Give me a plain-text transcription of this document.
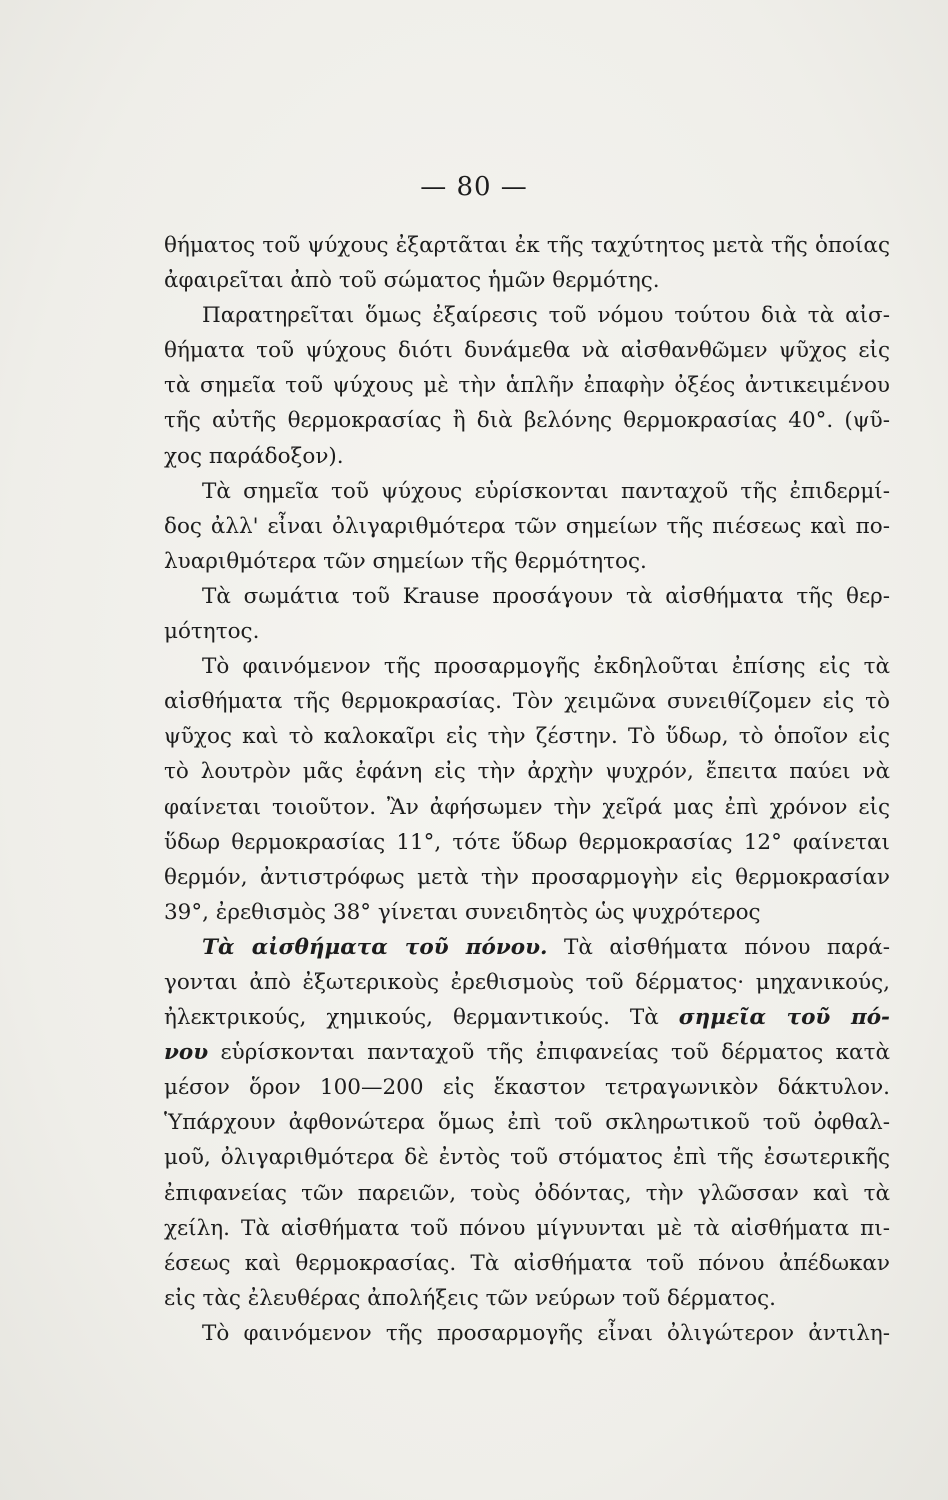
— 80 —
θήματος τοῦ ψύχους ἐξαρτᾶται ἐκ τῆς ταχύτητος μετὰ τῆς ὁποίας
ἀφαιρεῖται ἀπὸ τοῦ σώματος ἡμῶν θερμότης.
Παρατηρεῖται ὅμως ἐξαίρεσις τοῦ νόμου τούτου διὰ τὰ αἰσ-
θήματα τοῦ ψύχους διότι δυνάμεθα νὰ αἰσθανθῶμεν ψῦχος εἰς
τὰ σημεῖα τοῦ ψύχους μὲ τὴν ἁπλῆν ἐπαφὴν ὀξέος ἀντικειμένου
τῆς αὐτῆς θερμοκρασίας ἢ διὰ βελόνης θερμοκρασίας 40°. (ψῦ-
χος παράδοξον).
Τὰ σημεῖα τοῦ ψύχους εὑρίσκονται πανταχοῦ τῆς ἐπιδερμί-
δος ἀλλ' εἶναι ὀλιγαριθμότερα τῶν σημείων τῆς πιέσεως καὶ πο-
λυαριθμότερα τῶν σημείων τῆς θερμότητος.
Τὰ σωμάτια τοῦ Krause προσάγουν τὰ αἰσθήματα τῆς θερ-
μότητος.
Τὸ φαινόμενον τῆς προσαρμογῆς ἐκδηλοῦται ἐπίσης εἰς τὰ
αἰσθήματα τῆς θερμοκρασίας. Τὸν χειμῶνα συνειθίζομεν εἰς τὸ
ψῦχος καὶ τὸ καλοκαῖρι εἰς τὴν ζέστην. Τὸ ὕδωρ, τὸ ὁποῖον εἰς
τὸ λουτρὸν μᾶς ἐφάνη εἰς τὴν ἀρχὴν ψυχρόν, ἔπειτα παύει νὰ
φαίνεται τοιοῦτον. Ἂν ἀφήσωμεν τὴν χεῖρά μας ἐπὶ χρόνον εἰς
ὕδωρ θερμοκρασίας 11°, τότε ὕδωρ θερμοκρασίας 12° φαίνεται
θερμόν, ἀντιστρόφως μετὰ τὴν προσαρμογὴν εἰς θερμοκρασίαν
39°, ἐρεθισμὸς 38° γίνεται συνειδητὸς ὡς ψυχρότερος
Τὰ αἰσθήματα τοῦ πόνου. Τὰ αἰσθήματα πόνου παρά-
γονται ἀπὸ ἐξωτερικοὺς ἐρεθισμοὺς τοῦ δέρματος· μηχανικούς,
ἠλεκτρικούς, χημικούς, θερμαντικούς. Τὰ σημεῖα τοῦ πό-
νου εὑρίσκονται πανταχοῦ τῆς ἐπιφανείας τοῦ δέρματος κατὰ
μέσον ὅρον 100—200 εἰς ἕκαστον τετραγωνικὸν δάκτυλον.
Ὑπάρχουν ἀφθονώτερα ὅμως ἐπὶ τοῦ σκληρωτικοῦ τοῦ ὀφθαλ-
μοῦ, ὀλιγαριθμότερα δὲ ἐντὸς τοῦ στόματος ἐπὶ τῆς ἐσωτερικῆς
ἐπιφανείας τῶν παρειῶν, τοὺς ὀδόντας, τὴν γλῶσσαν καὶ τὰ
χείλη. Τὰ αἰσθήματα τοῦ πόνου μίγνυνται μὲ τὰ αἰσθήματα πι-
έσεως καὶ θερμοκρασίας. Τὰ αἰσθήματα τοῦ πόνου ἀπέδωκαν
εἰς τὰς ἐλευθέρας ἀπολήξεις τῶν νεύρων τοῦ δέρματος.
Τὸ φαινόμενον τῆς προσαρμογῆς εἶναι ὀλιγώτερον ἀντιλη-
